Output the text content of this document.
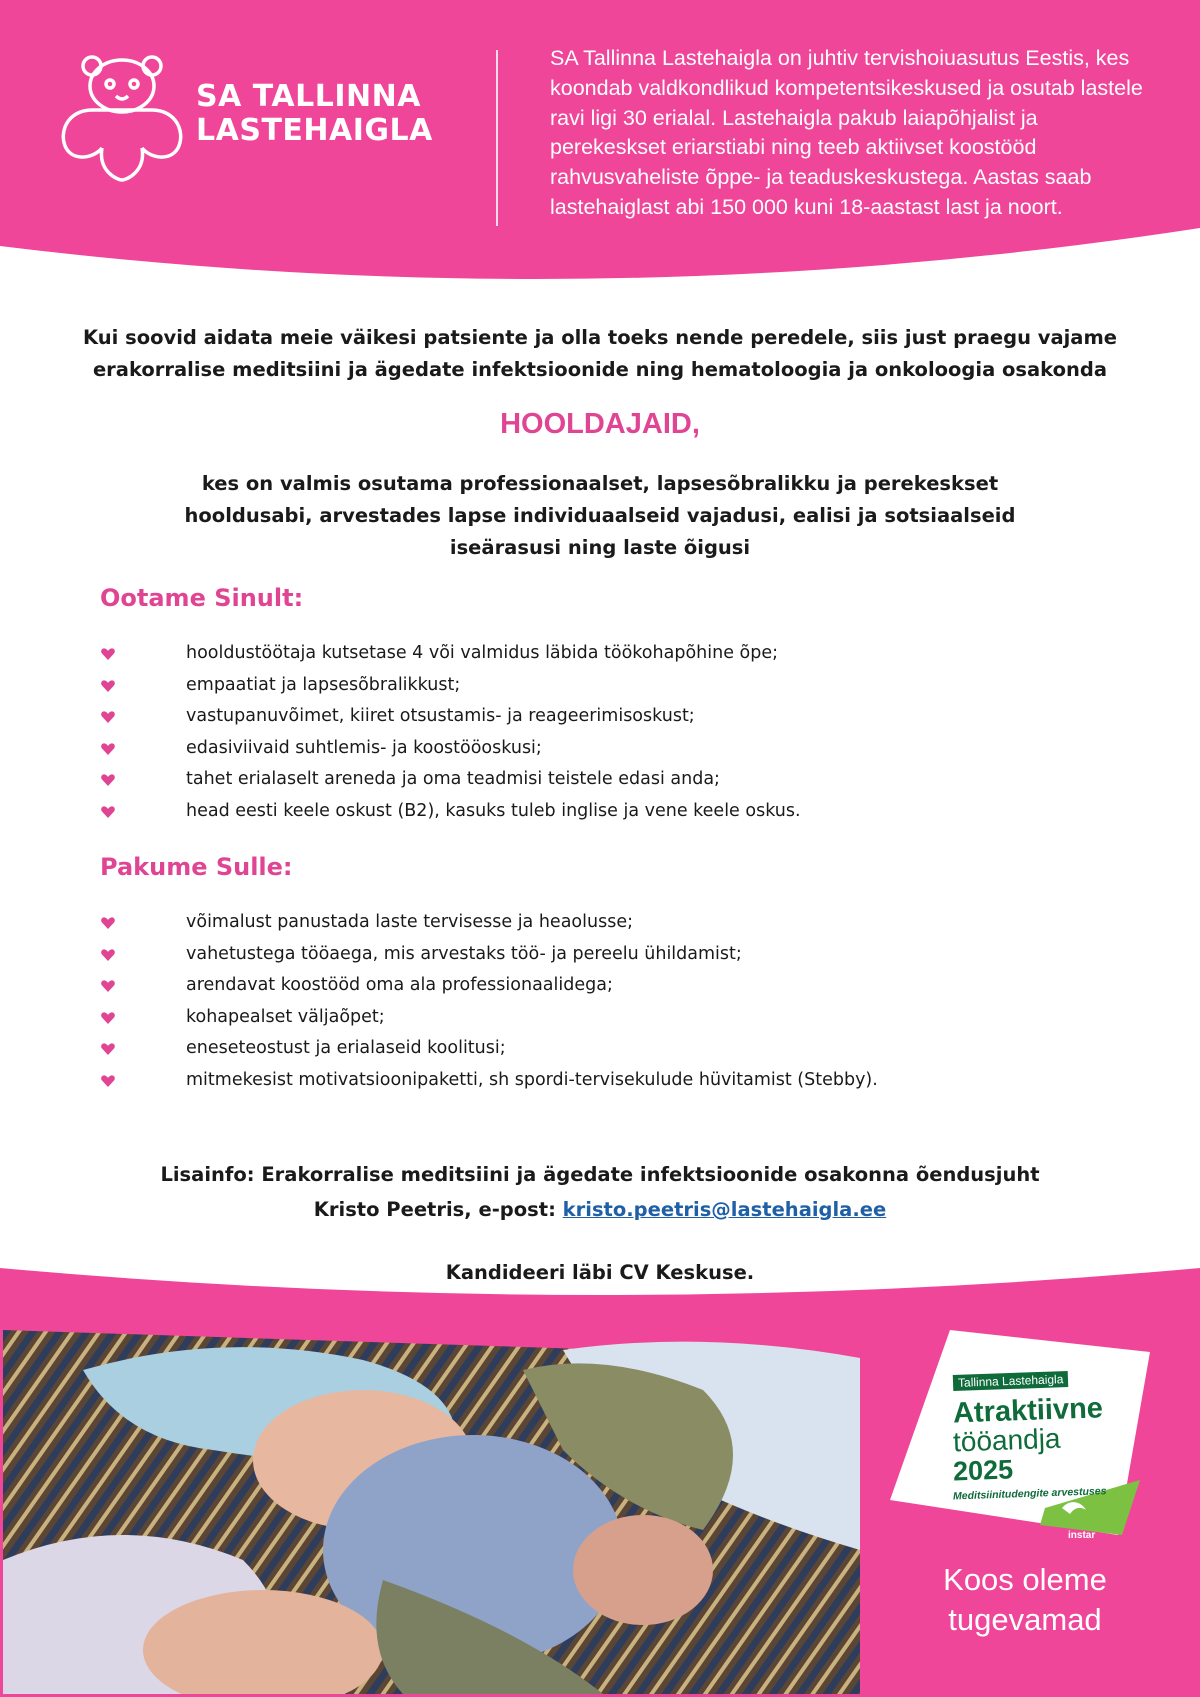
SA TALLINNA
LASTEHAIGLA

SA Tallinna Lastehaigla on juhtiv tervishoiuasutus Eestis, kes koondab valdkondlikud kompetentsikeskused ja osutab lastele ravi ligi 30 erialal. Lastehaigla pakub laiapõhjalist ja perekeskset eriarstiabi ning teeb aktiivset koostööd rahvusvaheliste õppe- ja teaduskeskustega. Aastas saab lastehaiglast abi 150 000 kuni 18-aastast last ja noort.

Kui soovid aidata meie väikesi patsiente ja olla toeks nende peredele, siis just praegu vajame erakorralise meditsiini ja ägedate infektsioonide ning hematoloogia ja onkoloogia osakonda

HOOLDAJAID,

kes on valmis osutama professionaalset, lapsesõbralikku ja perekeskset hooldusabi, arvestades lapse individuaalseid vajadusi, ealisi ja sotsiaalseid iseärasusi ning laste õigusi

Ootame Sinult:
hooldustöötaja kutsetase 4 või valmidus läbida töökohapõhine õpe;
empaatiat ja lapsesõbralikkust;
vastupanuvõimet, kiiret otsustamis- ja reageerimisoskust;
edasiviivaid suhtlemis- ja koostööoskusi;
tahet erialaselt areneda ja oma teadmisi teistele edasi anda;
head eesti keele oskust (B2), kasuks tuleb inglise ja vene keele oskus.
Pakume Sulle:
võimalust panustada laste tervisesse ja heaolusse;
vahetustega tööaega, mis arvestaks töö- ja pereelu ühildamist;
arendavat koostööd oma ala professionaalidega;
kohapealset väljaõpet;
eneseteostust ja erialaseid koolitusi;
mitmekesist motivatsioonipaketti, sh spordi-tervisekulude hüvitamist (Stebby).
Lisainfo: Erakorralise meditsiini ja ägedate infektsioonide osakonna õendusjuht
Kristo Peetris, e-post: kristo.peetris@lastehaigla.ee

Kandideeri läbi CV Keskuse.

Tallinna Lastehaigla
Atraktiivne
tööandja
2025
Meditsiinitudengite arvestuses
instar
Koos oleme
tugevamad
